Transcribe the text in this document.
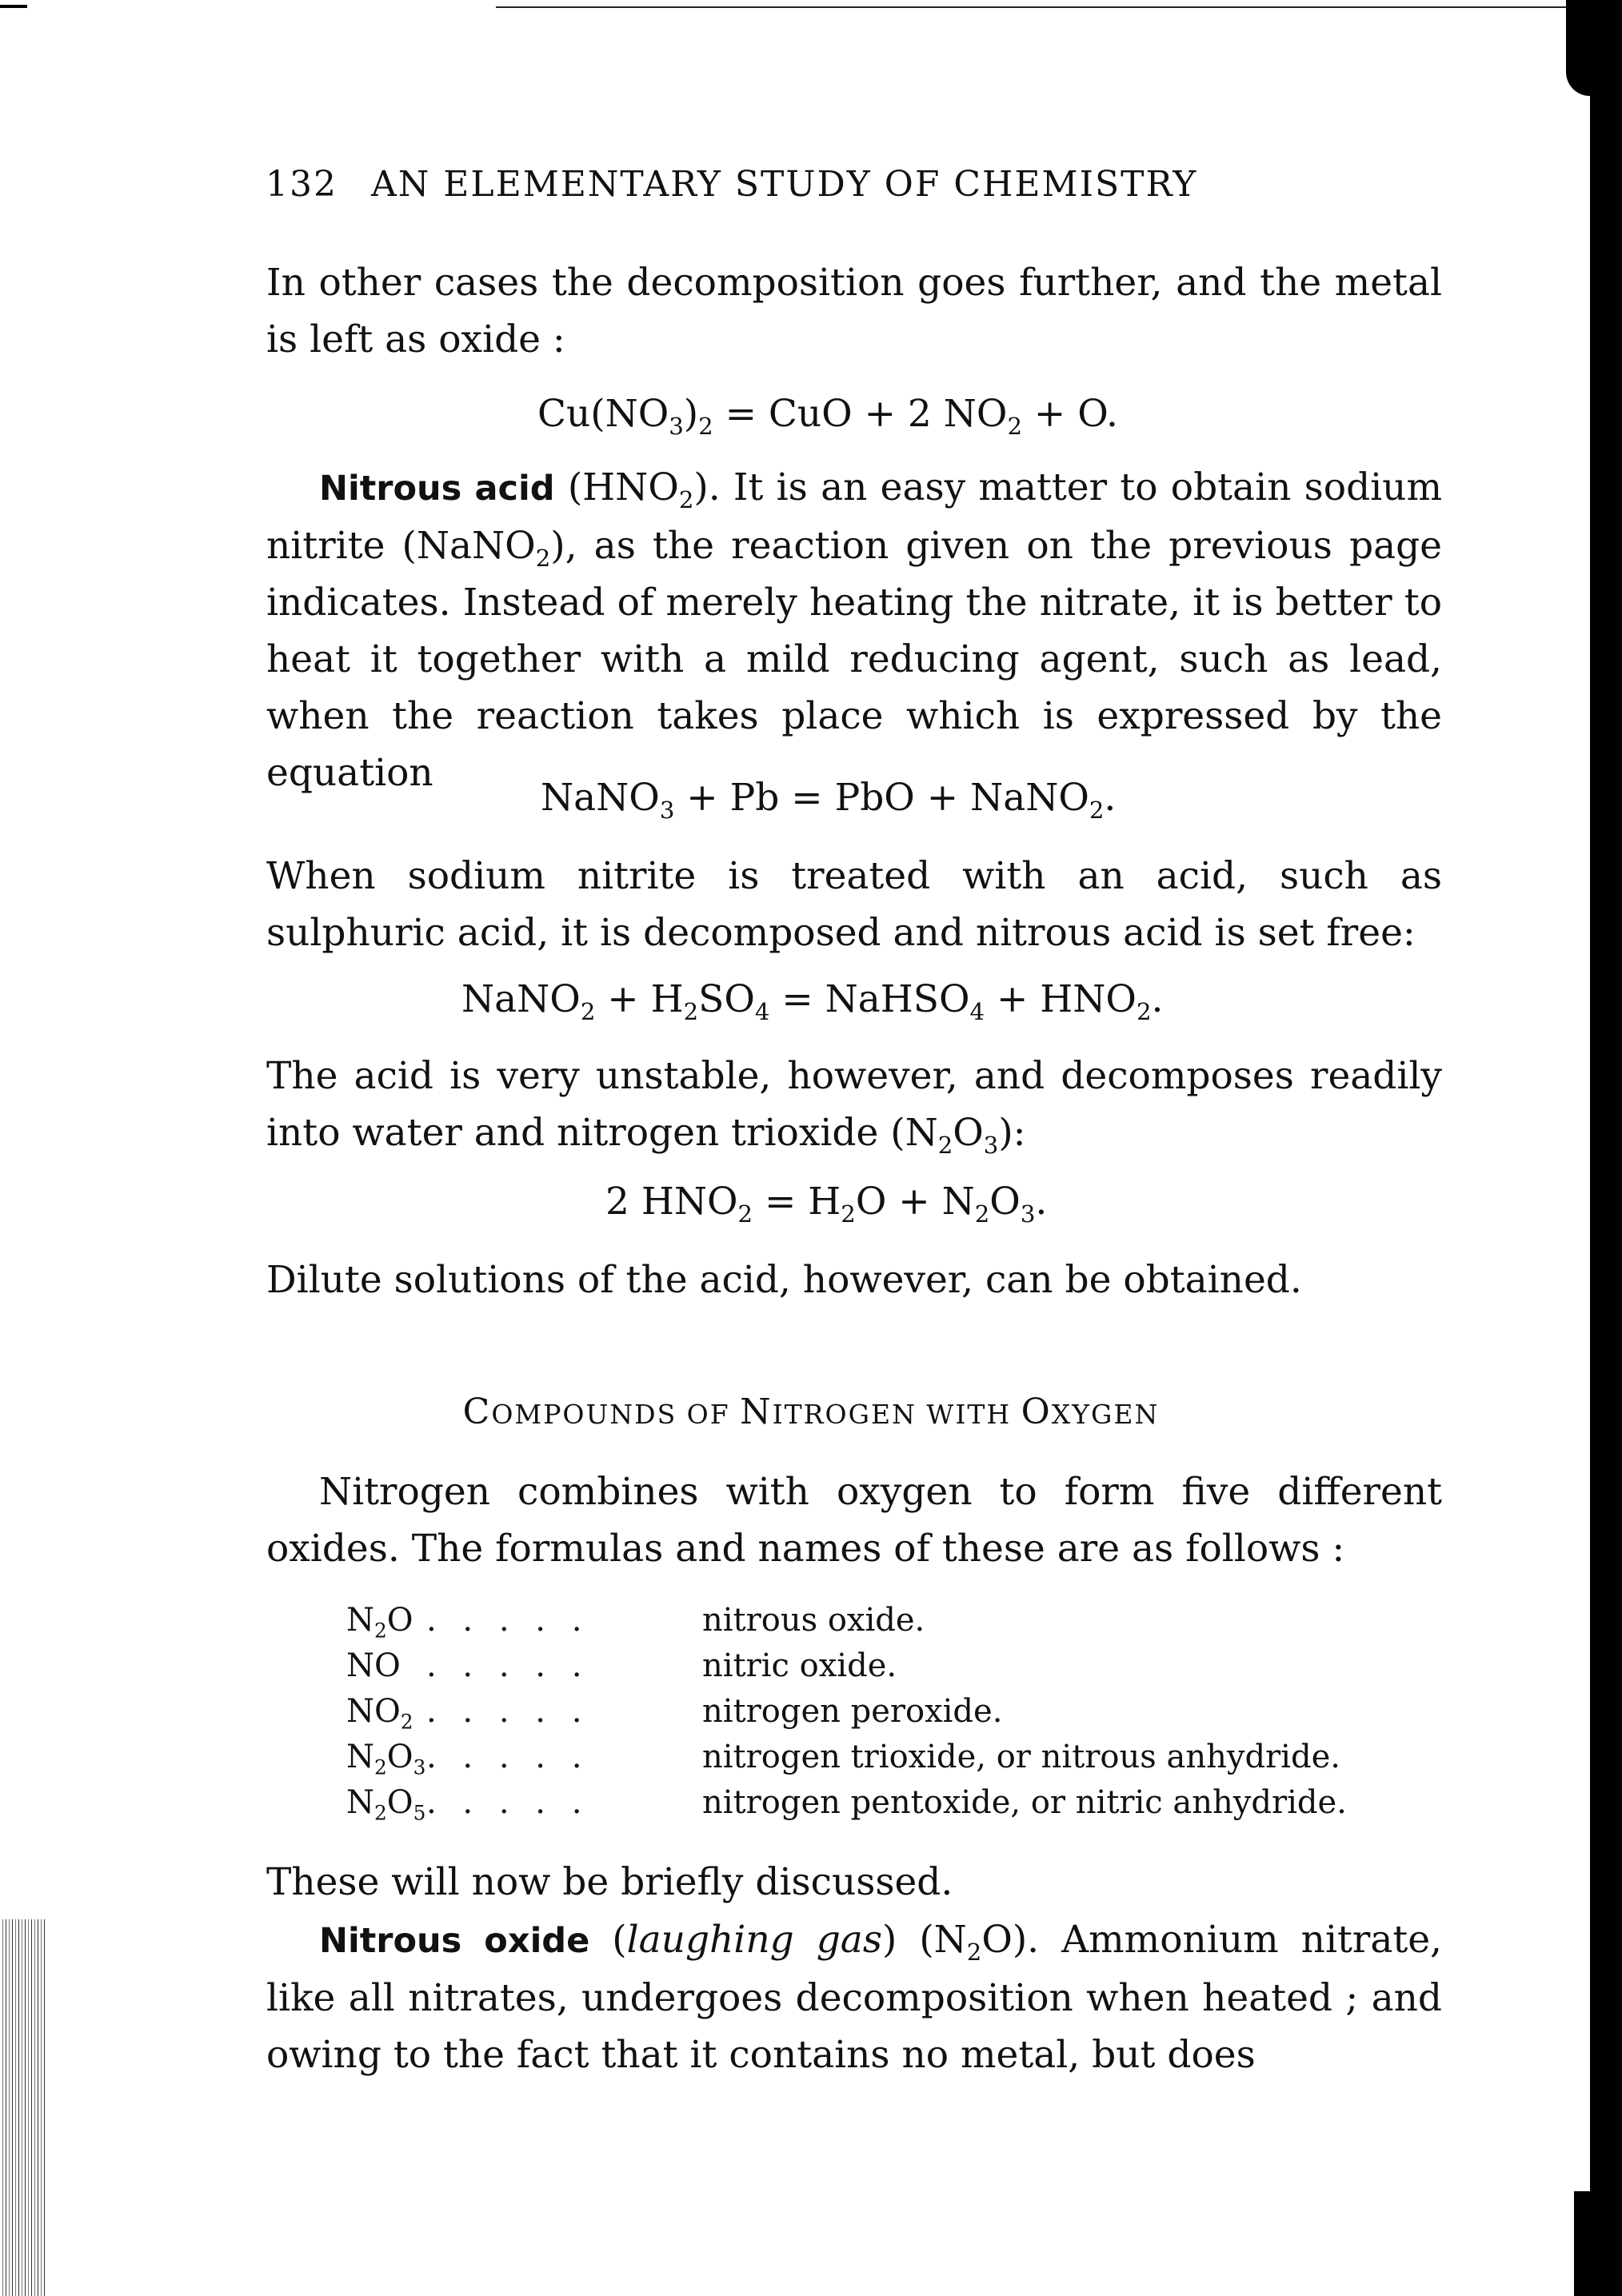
132 AN ELEMENTARY STUDY OF CHEMISTRY
In other cases the decomposition goes further, and the metal is left as oxide :
$Cu(NO_3)_2$ = CuO + 2 $NO_2 + O$.
Nitrous acid $(HNO_2)$. It is an easy matter to obtain sodium nitrite (NaNO$_2$), as the reaction given on the previous page indicates. Instead of merely heating the nitrate, it is better to heat it together with a mild reducing agent, such as lead, when the reaction takes place which is expressed by the equation
NaNO$_3$ + Pb = PbO + NaNO$_2$.
When sodium nitrite is treated with an acid, such as sulphuric acid, it is decomposed and nitrous acid is set free:
NaNO$_2$ + $H_2SO_4$ = NaHSO$_4$ + $HNO_2$.
The acid is very unstable, however, and decomposes readily into water and nitrogen trioxide $(N_2O_3)$:
2 $HNO_2 = H_2O + N_2O_3$.
Dilute solutions of the acid, however, can be obtained.
COMPOUNDS OF NITROGEN WITH OXYGEN
Nitrogen combines with oxygen to form five different oxides. The formulas and names of these are as follows :
$N_2O$	. . . . .	nitrous oxide.
NO	. . . . .	nitric oxide.
$NO_2$	. . . . .	nitrogen peroxide.
$N_2O_3$	. . . . .	nitrogen trioxide, or nitrous anhydride.
$N_2O_5$	. . . . .	nitrogen pentoxide, or nitric anhydride.
These will now be briefly discussed.
Nitrous oxide (laughing gas) $(N_2O)$. Ammonium nitrate, like all nitrates, undergoes decomposition when heated ; and owing to the fact that it contains no metal, but does
